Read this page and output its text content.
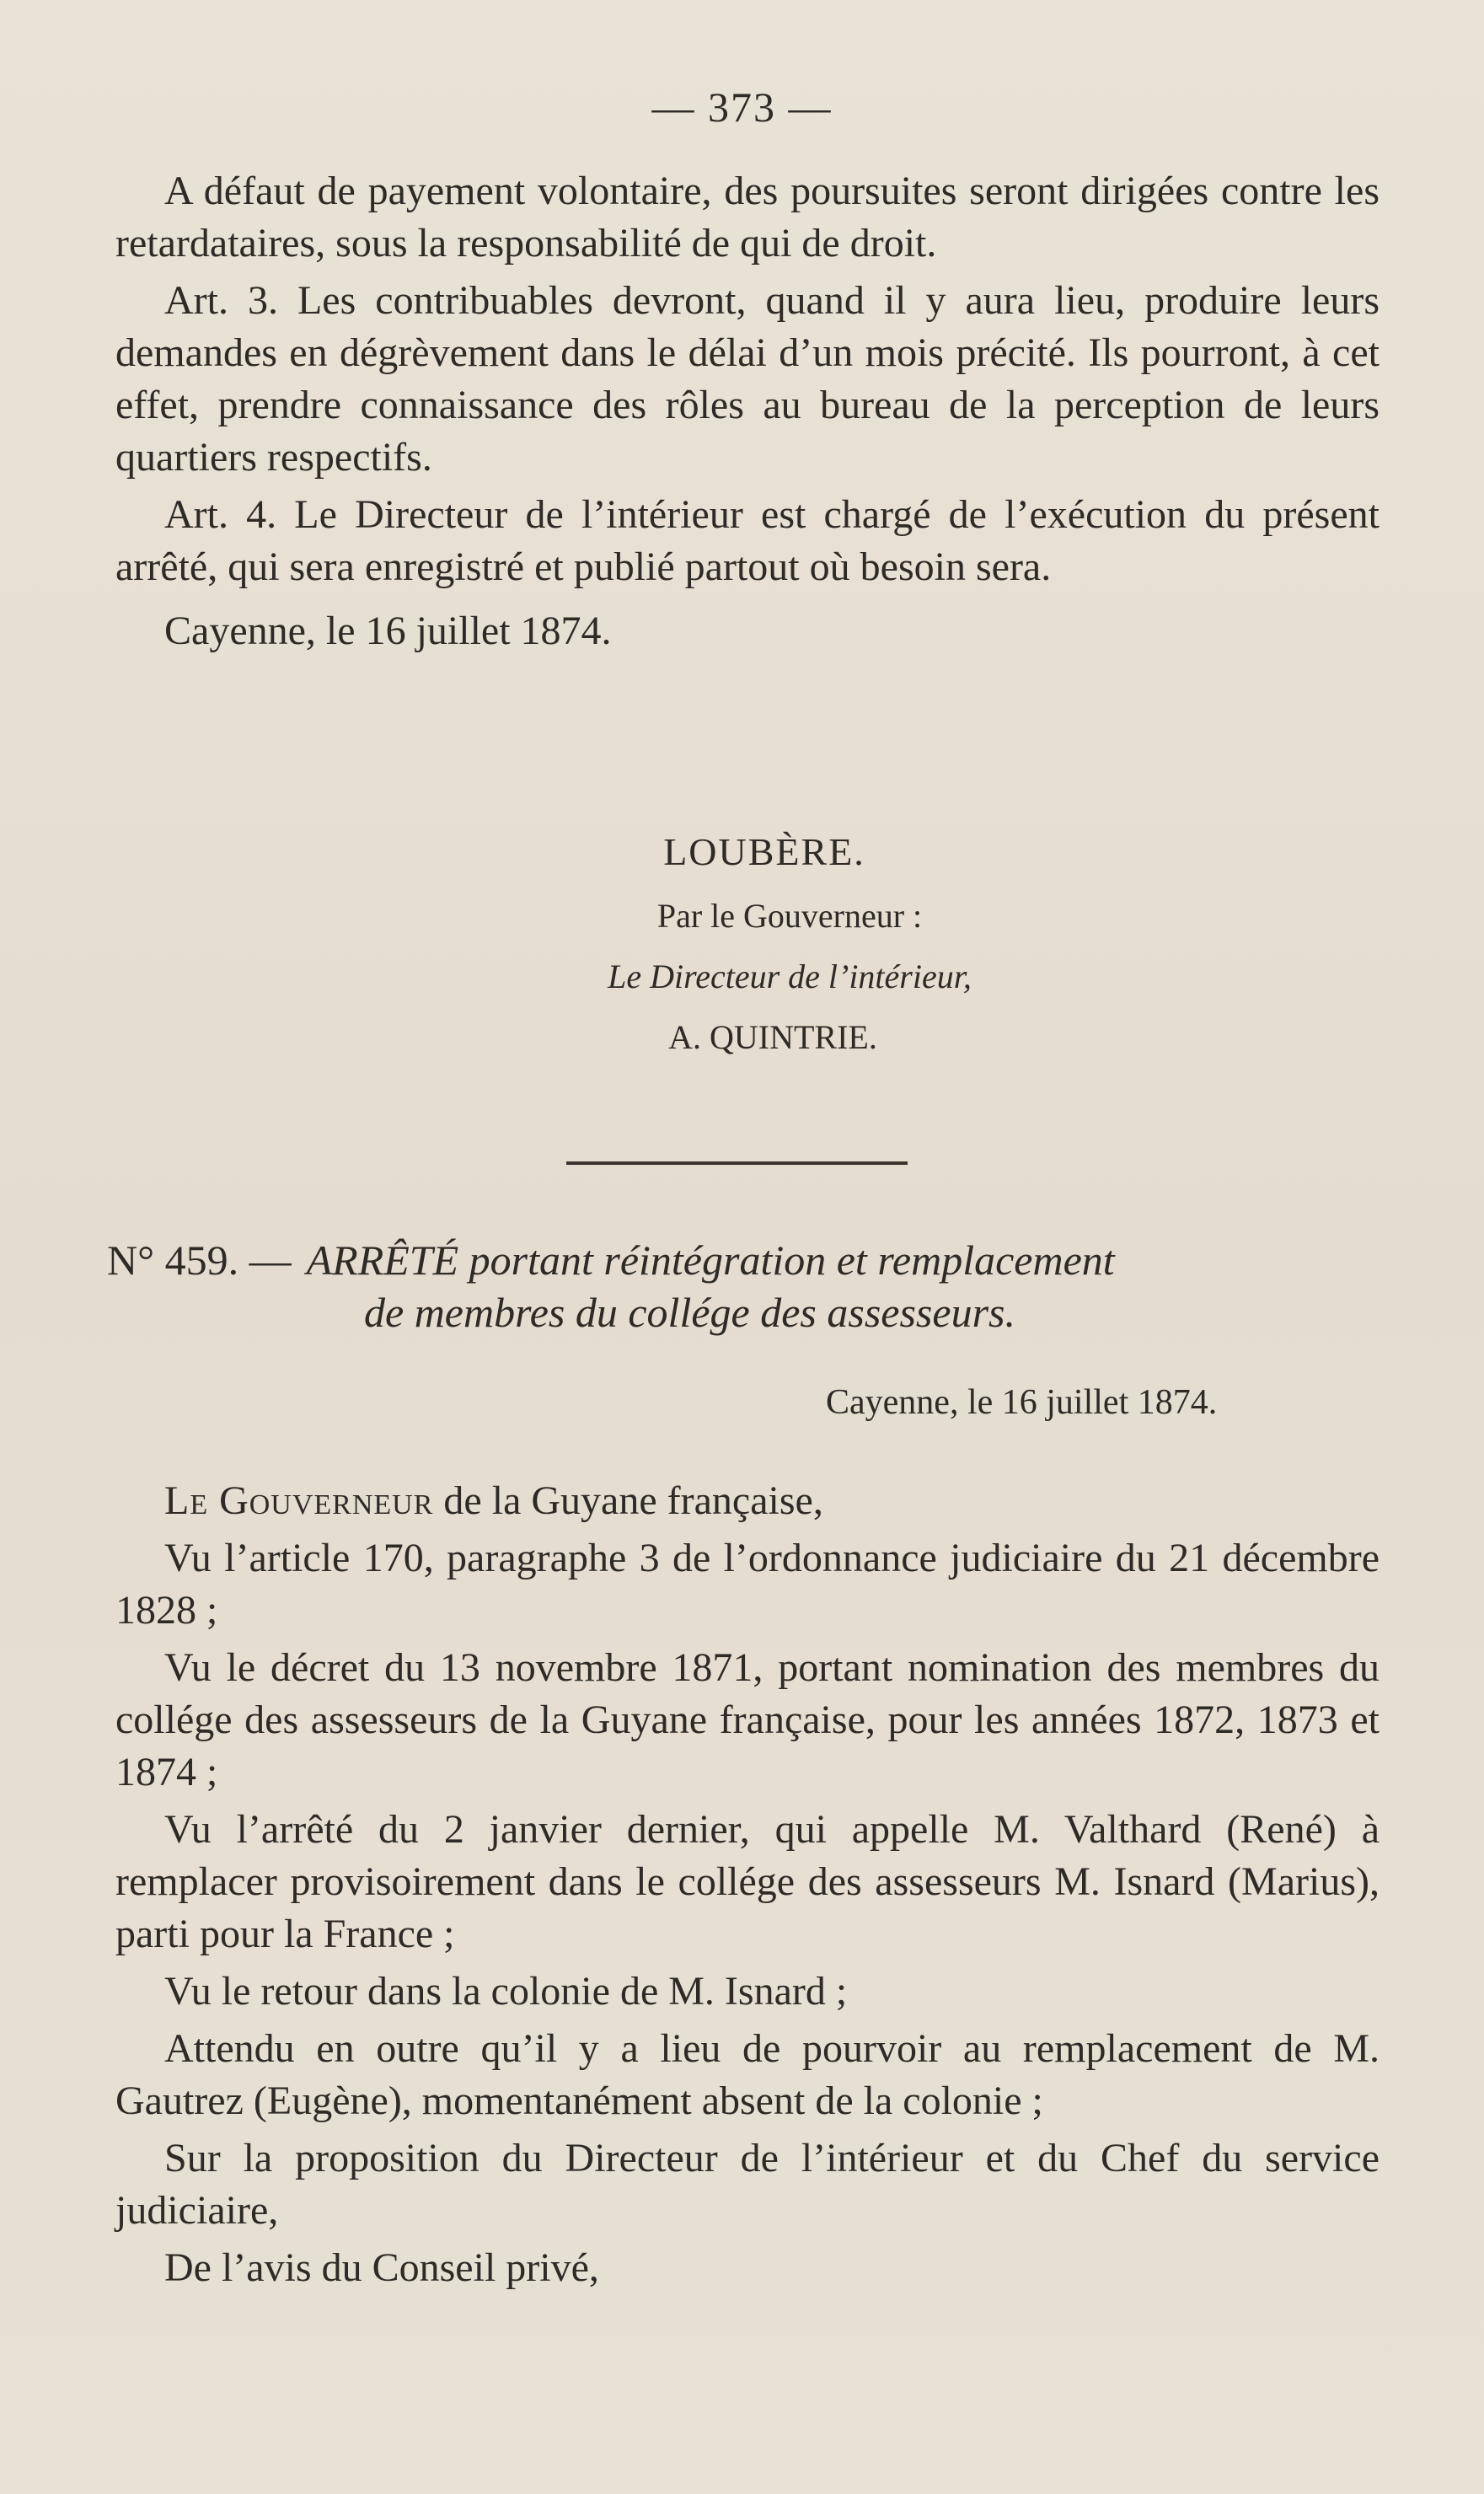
— 373 —

A défaut de payement volontaire, des poursuites seront dirigées contre les retardataires, sous la responsabilité de qui de droit.

Art. 3. Les contribuables devront, quand il y aura lieu, produire leurs demandes en dégrèvement dans le délai d’un mois précité. Ils pourront, à cet effet, prendre connaissance des rôles au bureau de la perception de leurs quartiers respectifs.

Art. 4. Le Directeur de l’intérieur est chargé de l’exécution du présent arrêté, qui sera enregistré et publié partout où besoin sera.

Cayenne, le 16 juillet 1874.

LOUBÈRE.

Par le Gouverneur :

Le Directeur de l’intérieur,

A. QUINTRIE.

N° 459. — ARRÊTÉ portant réintégration et remplacement
de membres du collége des assesseurs.
Cayenne, le 16 juillet 1874.

Le Gouverneur de la Guyane française,

Vu l’article 170, paragraphe 3 de l’ordonnance judiciaire du 21 décembre 1828 ;

Vu le décret du 13 novembre 1871, portant nomination des membres du collége des assesseurs de la Guyane française, pour les années 1872, 1873 et 1874 ;

Vu l’arrêté du 2 janvier dernier, qui appelle M. Valthard (René) à remplacer provisoirement dans le collége des assesseurs M. Isnard (Marius), parti pour la France ;

Vu le retour dans la colonie de M. Isnard ;

Attendu en outre qu’il y a lieu de pourvoir au remplacement de M. Gautrez (Eugène), momentanément absent de la colonie ;

Sur la proposition du Directeur de l’intérieur et du Chef du service judiciaire,

De l’avis du Conseil privé,
